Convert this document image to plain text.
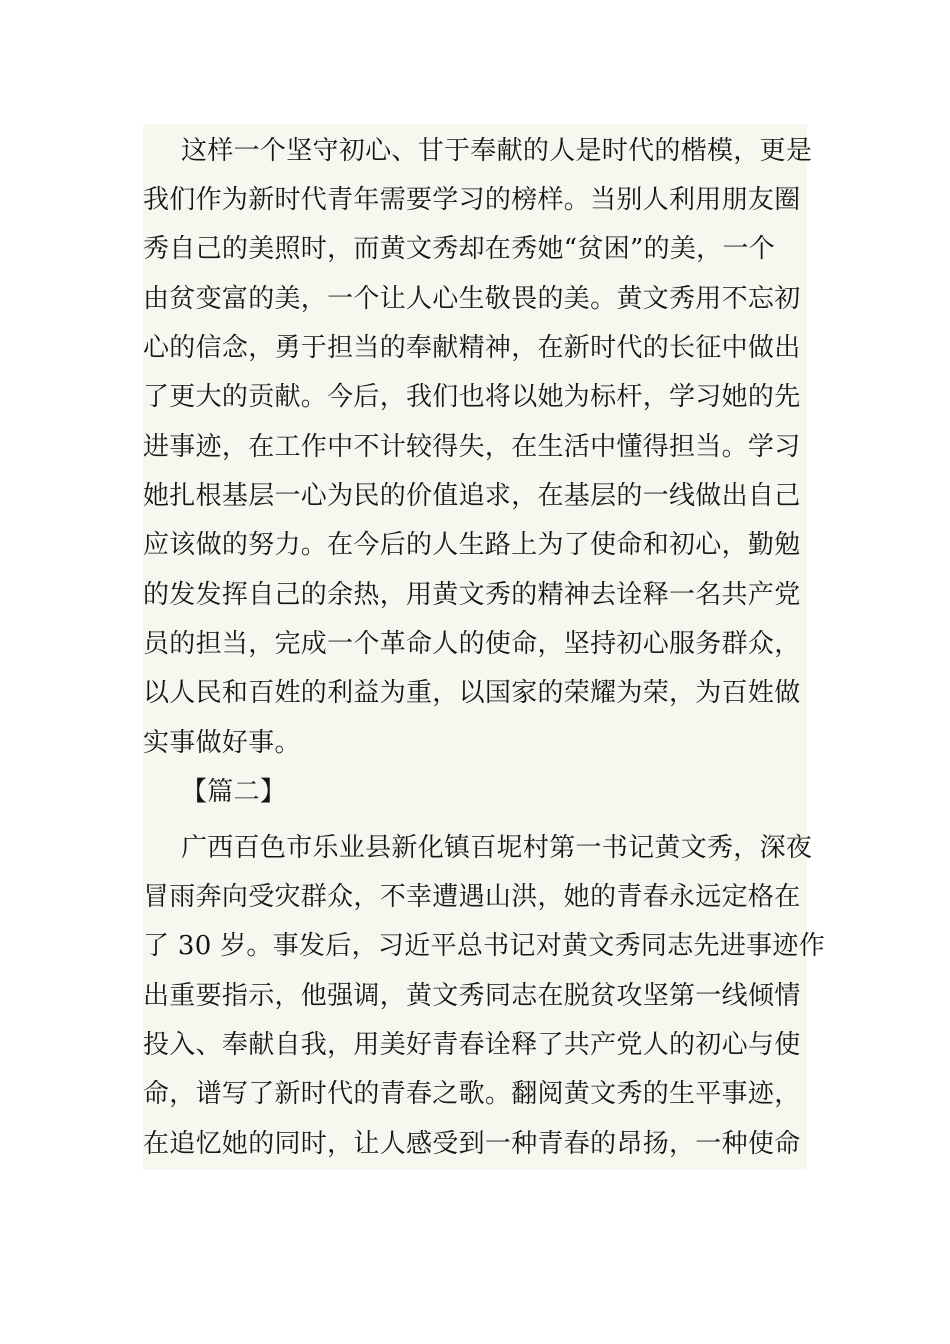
这样一个坚守初心、甘于奉献的人是时代的楷模，更是
我们作为新时代青年需要学习的榜样。当别人利用朋友圈
秀自己的美照时，而黄文秀却在秀她“贫困”的美，一个
由贫变富的美，一个让人心生敬畏的美。黄文秀用不忘初
心的信念，勇于担当的奉献精神，在新时代的长征中做出
了更大的贡献。今后，我们也将以她为标杆，学习她的先
进事迹，在工作中不计较得失，在生活中懂得担当。学习
她扎根基层一心为民的价值追求，在基层的一线做出自己
应该做的努力。在今后的人生路上为了使命和初心，勤勉
的发发挥自己的余热，用黄文秀的精神去诠释一名共产党
员的担当，完成一个革命人的使命，坚持初心服务群众，
以人民和百姓的利益为重，以国家的荣耀为荣，为百姓做
实事做好事。
【篇二】
广西百色市乐业县新化镇百坭村第一书记黄文秀，深夜
冒雨奔向受灾群众，不幸遭遇山洪，她的青春永远定格在
了 30 岁。事发后，习近平总书记对黄文秀同志先进事迹作
出重要指示，他强调，黄文秀同志在脱贫攻坚第一线倾情
投入、奉献自我，用美好青春诠释了共产党人的初心与使
命，谱写了新时代的青春之歌。翻阅黄文秀的生平事迹，
在追忆她的同时，让人感受到一种青春的昂扬，一种使命
